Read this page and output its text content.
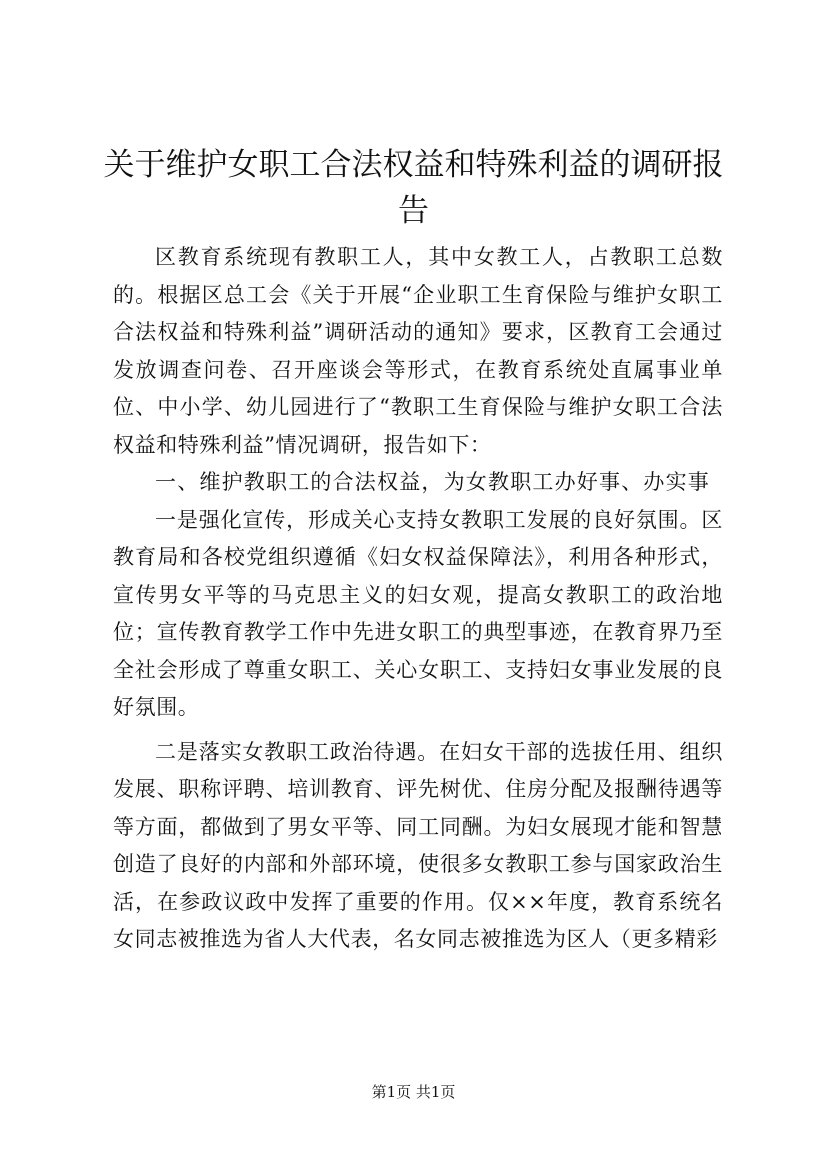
关于维护女职工合法权益和特殊利益的调研报告

区教育系统现有教职工人，其中女教工人，占教职工总数的。根据区总工会《关于开展“企业职工生育保险与维护女职工合法权益和特殊利益”调研活动的通知》要求，区教育工会通过发放调查问卷、召开座谈会等形式，在教育系统处直属事业单位、中小学、幼儿园进行了“教职工生育保险与维护女职工合法权益和特殊利益”情况调研，报告如下：

一、维护教职工的合法权益，为女教职工办好事、办实事

一是强化宣传，形成关心支持女教职工发展的良好氛围。区教育局和各校党组织遵循《妇女权益保障法》，利用各种形式，宣传男女平等的马克思主义的妇女观，提高女教职工的政治地位；宣传教育教学工作中先进女职工的典型事迹，在教育界乃至全社会形成了尊重女职工、关心女职工、支持妇女事业发展的良好氛围。

二是落实女教职工政治待遇。在妇女干部的选拔任用、组织发展、职称评聘、培训教育、评先树优、住房分配及报酬待遇等等方面，都做到了男女平等、同工同酬。为妇女展现才能和智慧创造了良好的内部和外部环境，使很多女教职工参与国家政治生活，在参政议政中发挥了重要的作用。仅××年度，教育系统名女同志被推选为省人大代表，名女同志被推选为区人（更多精彩

第1页 共1页
